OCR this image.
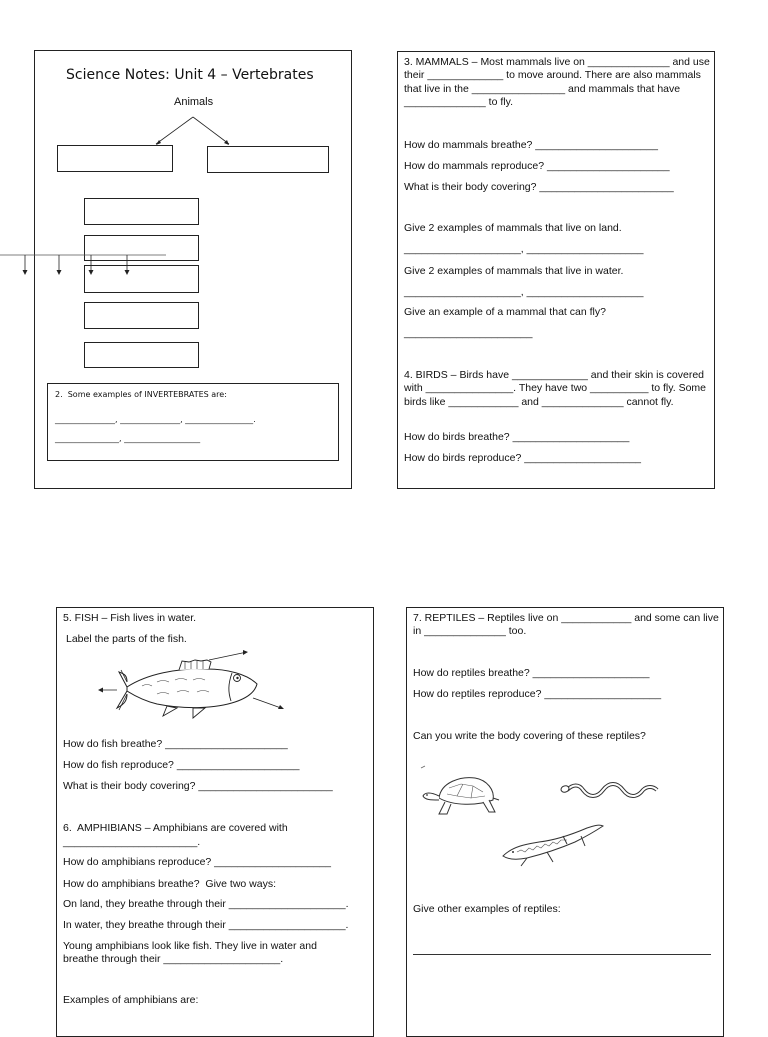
Science Notes: Unit 4 – Vertebrates
Animals
2.  Some examples of INVERTEBRATES are:
_______________, _______________, _________________.
________________, ___________________
3. MAMMALS – Most mammals live on ______________ and use their _____________ to move around. There are also mammals that live in the ________________ and mammals that have ______________ to fly.
How do mammals breathe? _____________________
How do mammals reproduce? _____________________
What is their body covering? _______________________
Give 2 examples of mammals that live on land.
____________________, ____________________
Give 2 examples of mammals that live in water.
____________________, ____________________
Give an example of a mammal that can fly?
______________________
4. BIRDS – Birds have _____________ and their skin is covered with _______________. They have two __________ to fly. Some birds like ____________ and ______________ cannot fly.
How do birds breathe? ____________________
How do birds reproduce? ____________________
5. FISH – Fish lives in water.
Label the parts of the fish.
How do fish breathe? _____________________
How do fish reproduce? _____________________
What is their body covering? _______________________
6.  AMPHIBIANS – Amphibians are covered with
_______________________.
How do amphibians reproduce? ____________________
How do amphibians breathe?  Give two ways:
On land, they breathe through their ____________________.
In water, they breathe through their ____________________.
Young amphibians look like fish. They live in water and breathe through their ____________________.
Examples of amphibians are:
7. REPTILES – Reptiles live on ____________ and some can live in ______________ too.
How do reptiles breathe? ____________________
How do reptiles reproduce? ____________________
Can you write the body covering of these reptiles?
Give other examples of reptiles:
